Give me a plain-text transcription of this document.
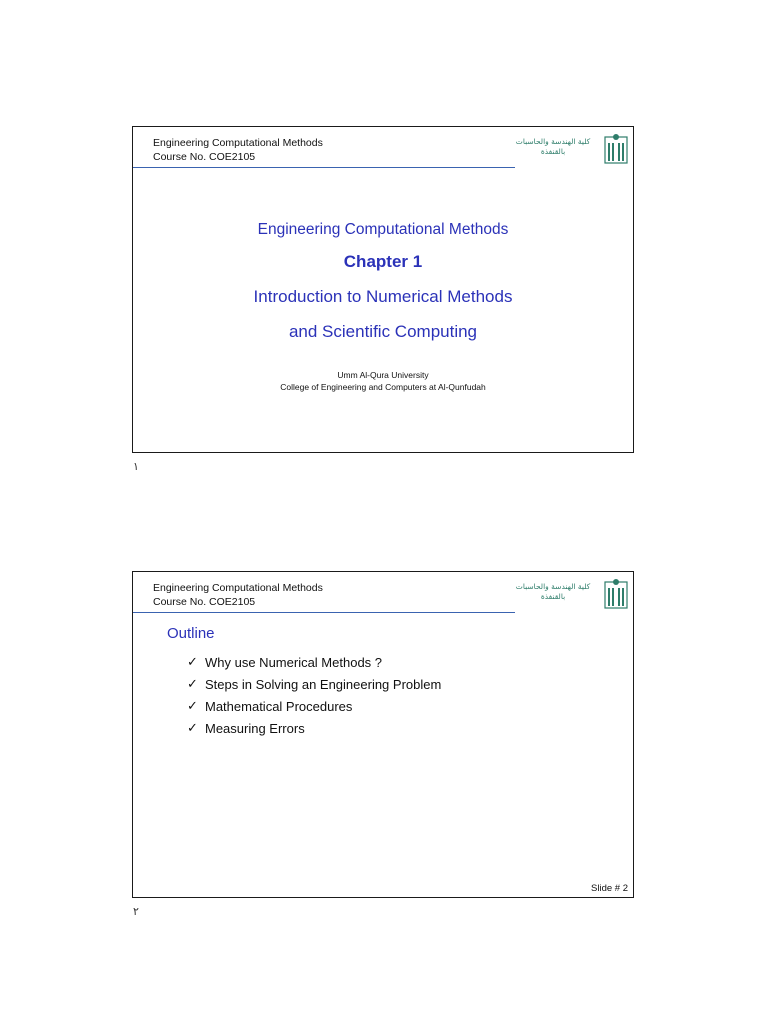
Engineering Computational Methods
Course No. COE2105
كلية الهندسة والحاسبات
بالقنفذة
Engineering Computational Methods
Chapter 1
Introduction to Numerical Methods
and Scientific Computing
Umm Al-Qura University
College of Engineering and Computers at Al-Qunfudah
١
Engineering Computational Methods
Course No. COE2105
كلية الهندسة والحاسبات
بالقنفذة
Outline
✓ Why use Numerical Methods ?
✓ Steps in Solving an Engineering Problem
✓ Mathematical Procedures
✓ Measuring Errors
Slide # 2
٢
